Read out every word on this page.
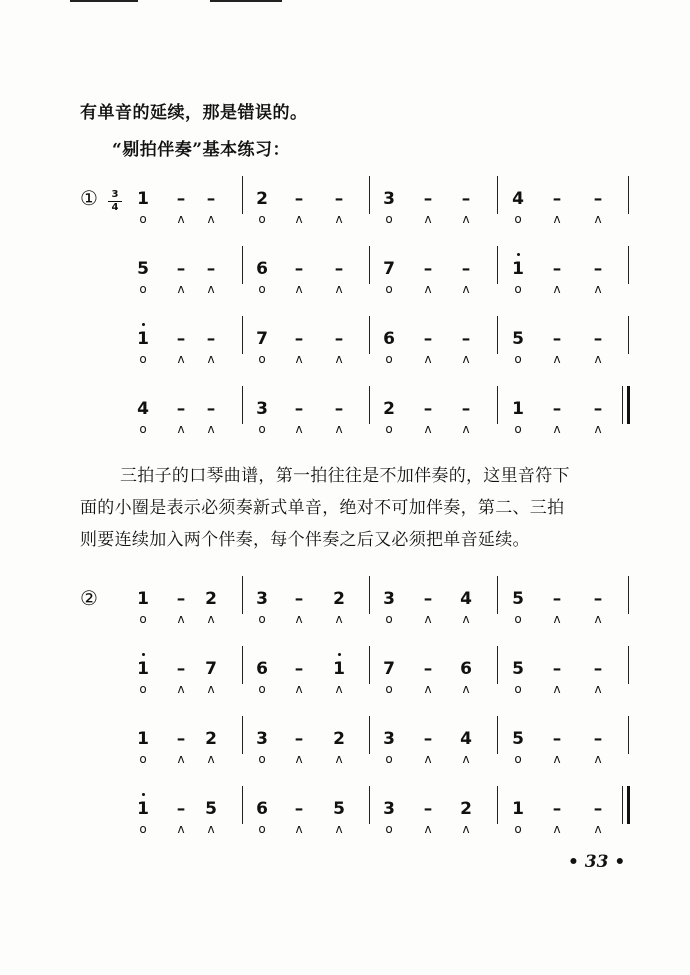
有单音的延续，那是错误的。
“剔拍伴奏”基本练习：
①	3
4 1	–	–	2	–	–	3	–	–	4	–	–
o	ʌ	ʌ	o	ʌ	ʌ	o	ʌ	ʌ	o	ʌ	ʌ
5	–	–	6	–	–	7	–	–	1	–	–
o	ʌ	ʌ	o	ʌ	ʌ	o	ʌ	ʌ	o	ʌ	ʌ
1	–	–	7	–	–	6	–	–	5	–	–
o	ʌ	ʌ	o	ʌ	ʌ	o	ʌ	ʌ	o	ʌ	ʌ
4	–	–	3	–	–	2	–	–	1	–	–
o	ʌ	ʌ	o	ʌ	ʌ	o	ʌ	ʌ	o	ʌ	ʌ

三拍子的口琴曲谱，第一拍往往是不加伴奏的，这里音符下

面的小圈是表示必须奏新式单音，绝对不可加伴奏，第二、三拍

则要连续加入两个伴奏，每个伴奏之后又必须把单音延续。

② 1	–	2 3	–	2 3	–	4 5	–	–
o	ʌ	ʌ	o	ʌ	ʌ	o	ʌ	ʌ	o	ʌ	ʌ
1	–	7 6	–	1 7	–	6 5	–	–
o	ʌ	ʌ	o	ʌ	ʌ	o	ʌ	ʌ	o	ʌ	ʌ
1	–	2 3	–	2 3	–	4 5	–	–
o	ʌ	ʌ	o	ʌ	ʌ	o	ʌ	ʌ	o	ʌ	ʌ
1	–	5 6	–	5 3	–	2 1	–	–
o	ʌ	ʌ	o	ʌ	ʌ	o	ʌ	ʌ	o	ʌ	ʌ
• 33 •
